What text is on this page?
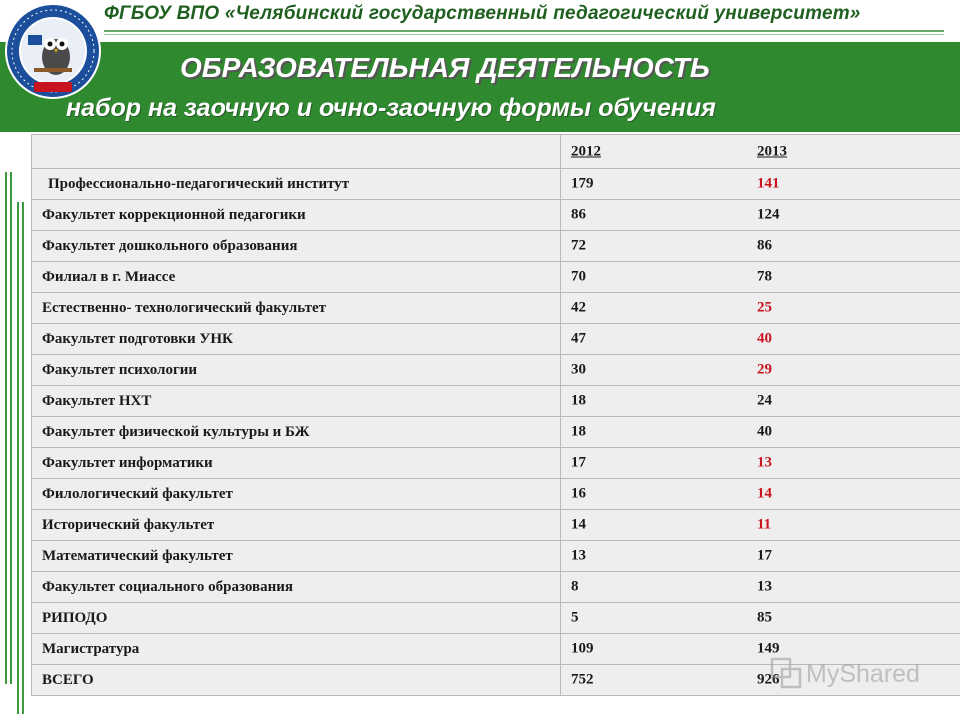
ФГБОУ ВПО «Челябинский государственный педагогический университет»
ОБРАЗОВАТЕЛЬНАЯ ДЕЯТЕЛЬНОСТЬ
набор на заочную и очно-заочную формы обучения

	2012 2013

Профессионально-педагогический институт	179 141

Факультет коррекционной педагогики	86 124

Факультет дошкольного образования	72 86

Филиал в г. Миассе	70 78

Естественно- технологический факультет	42 25

Факультет подготовки УНК	47 40

Факультет психологии	30 29

Факультет НХТ	18 24

Факультет физической культуры и БЖ	18 40

Факультет информатики	17 13

Филологический факультет	16 14

Исторический факультет	14 11

Математический факультет	13 17

Факультет социального образования	8 13

РИПОДО	5 85

Магистратура	109 149

ВСЕГО	752 926 MyShared
